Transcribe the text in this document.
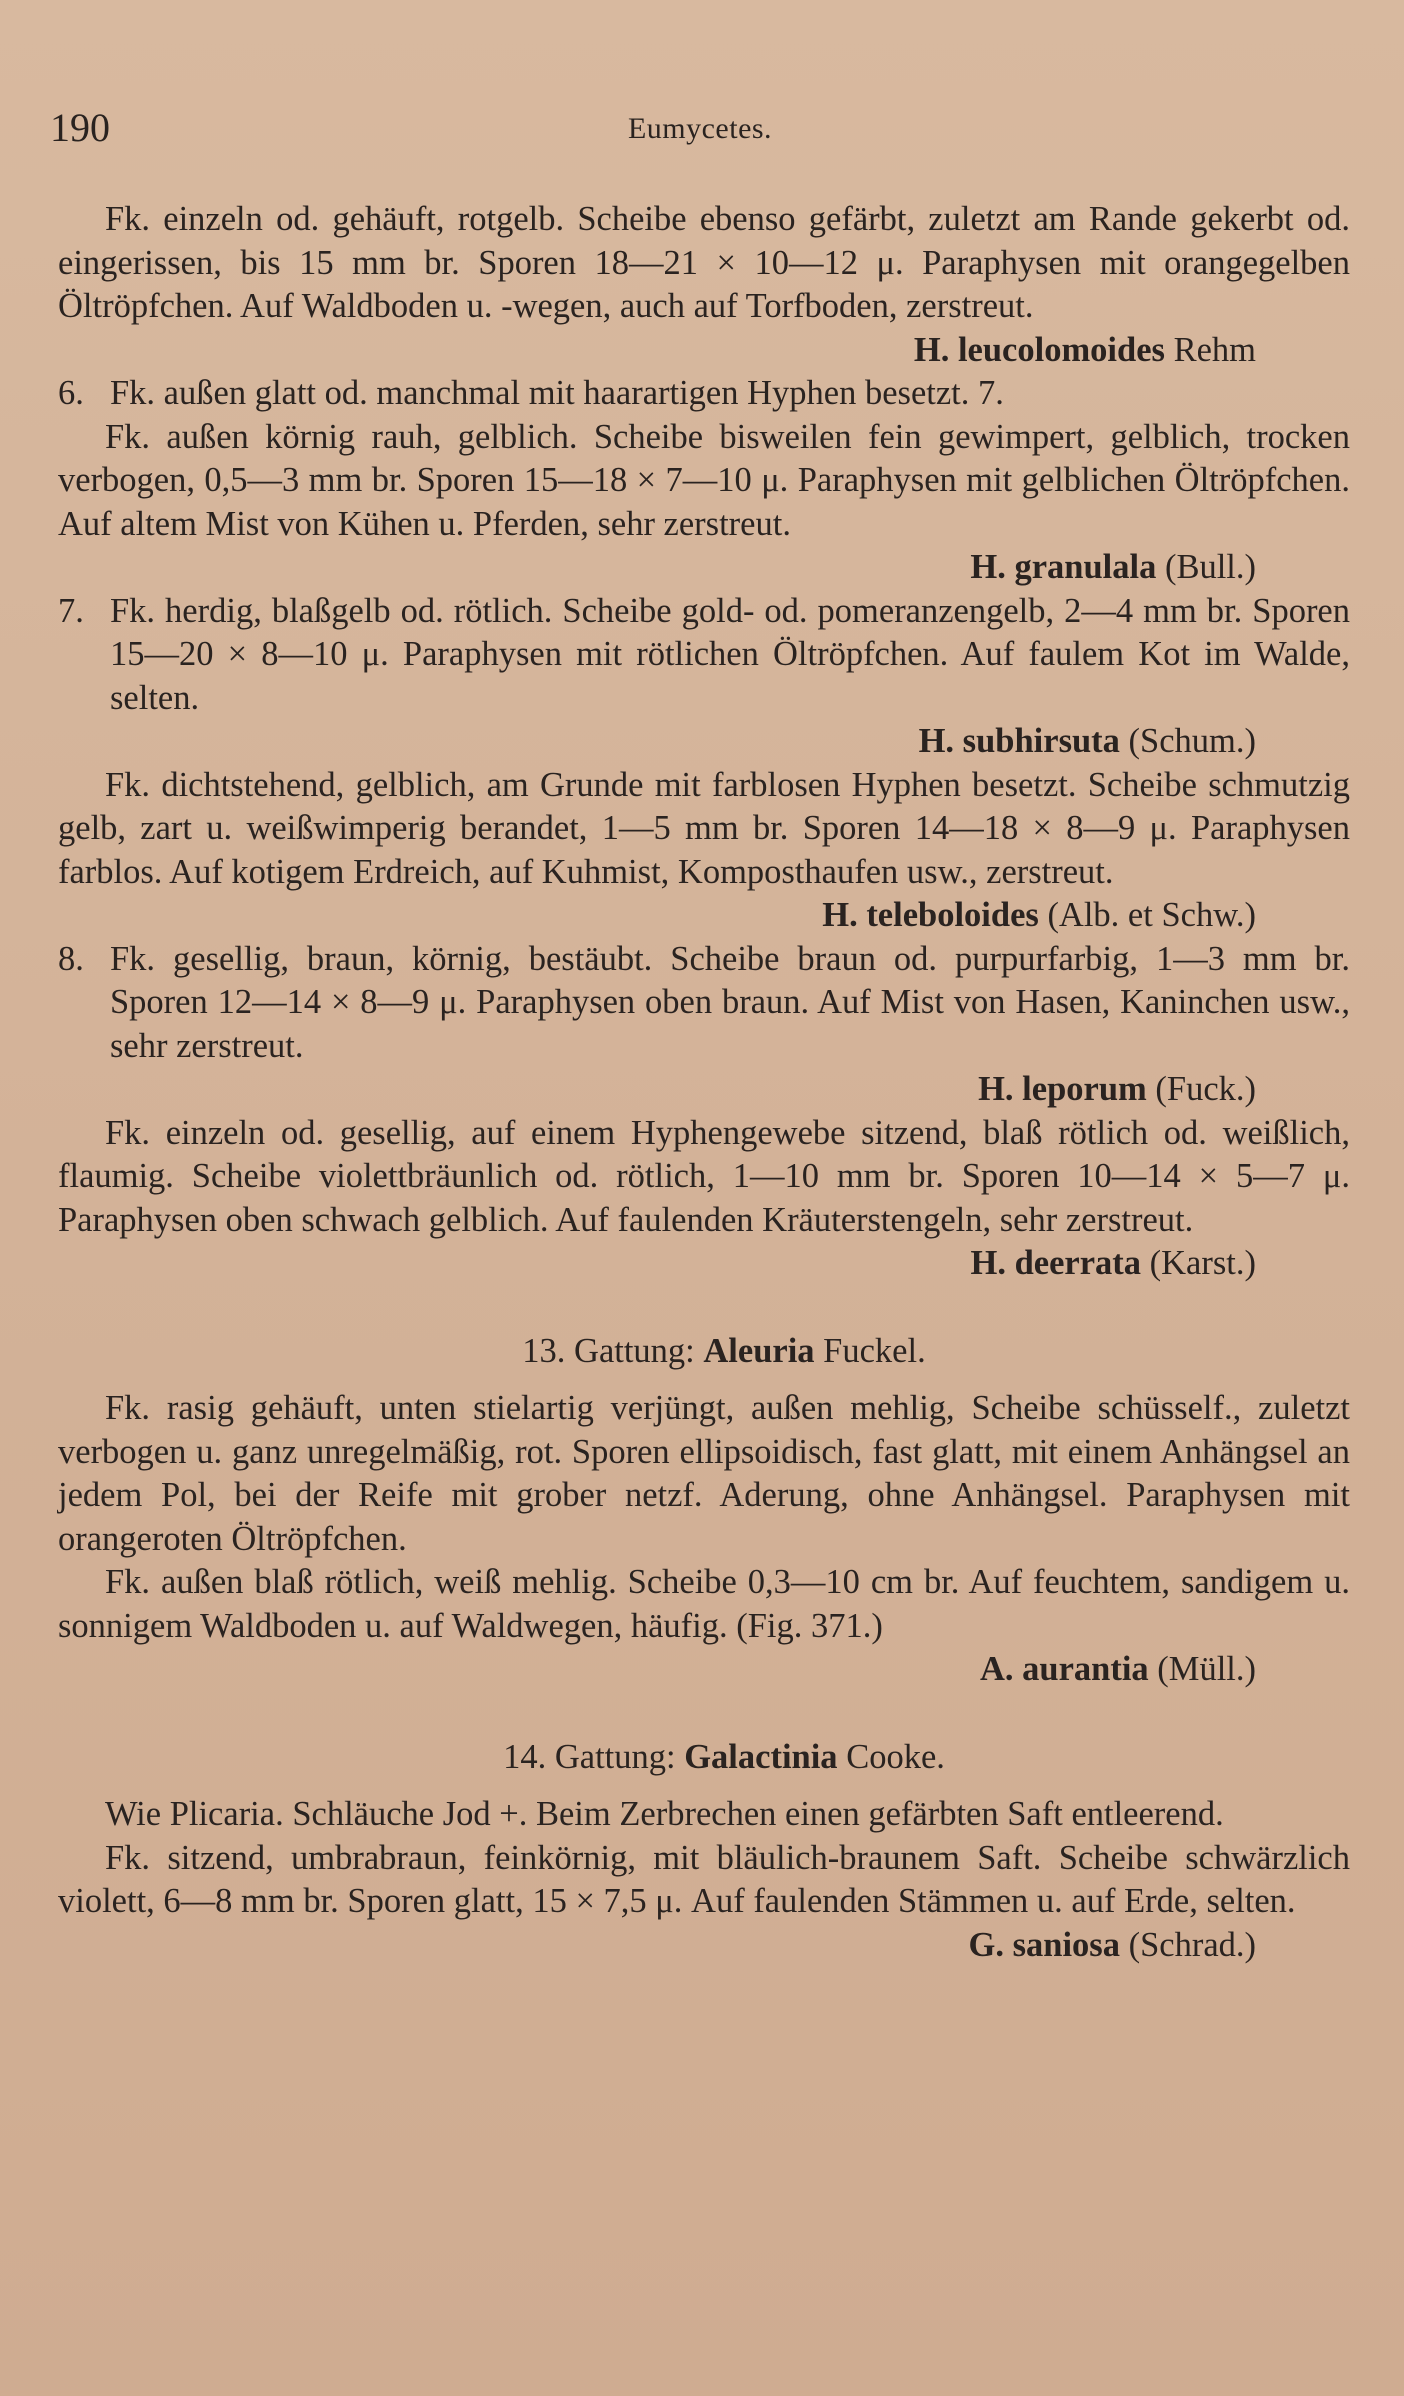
190	Eumycetes.

Fk. einzeln od. gehäuft, rotgelb. Scheibe ebenso gefärbt, zuletzt am Rande gekerbt od. eingerissen, bis 15 mm br. Sporen 18—21 × 10—12 μ. Paraphysen mit orangegelben Öltröpfchen. Auf Waldboden u. -wegen, auch auf Torfboden, zerstreut.

H. leucolomoides Rehm

6. Fk. außen glatt od. manchmal mit haarartigen Hyphen besetzt. 7.

Fk. außen körnig rauh, gelblich. Scheibe bisweilen fein gewimpert, gelblich, trocken verbogen, 0,5—3 mm br. Sporen 15—18 × 7—10 μ. Paraphysen mit gelblichen Öltröpfchen. Auf altem Mist von Kühen u. Pferden, sehr zerstreut.

H. granulala (Bull.)

7. Fk. herdig, blaßgelb od. rötlich. Scheibe gold- od. pomeranzengelb, 2—4 mm br. Sporen 15—20 × 8—10 μ. Paraphysen mit rötlichen Öltröpfchen. Auf faulem Kot im Walde, selten.

H. subhirsuta (Schum.)

Fk. dichtstehend, gelblich, am Grunde mit farblosen Hyphen besetzt. Scheibe schmutzig gelb, zart u. weißwimperig berandet, 1—5 mm br. Sporen 14—18 × 8—9 μ. Paraphysen farblos. Auf kotigem Erdreich, auf Kuhmist, Komposthaufen usw., zerstreut.

H. teleboloides (Alb. et Schw.)

8. Fk. gesellig, braun, körnig, bestäubt. Scheibe braun od. purpurfarbig, 1—3 mm br. Sporen 12—14 × 8—9 μ. Paraphysen oben braun. Auf Mist von Hasen, Kaninchen usw., sehr zerstreut.

H. leporum (Fuck.)

Fk. einzeln od. gesellig, auf einem Hyphengewebe sitzend, blaß rötlich od. weißlich, flaumig. Scheibe violettbräunlich od. rötlich, 1—10 mm br. Sporen 10—14 × 5—7 μ. Paraphysen oben schwach gelblich. Auf faulenden Kräuterstengeln, sehr zerstreut.

H. deerrata (Karst.)

13. Gattung: Aleuria Fuckel.

Fk. rasig gehäuft, unten stielartig verjüngt, außen mehlig, Scheibe schüsself., zuletzt verbogen u. ganz unregelmäßig, rot. Sporen ellipsoidisch, fast glatt, mit einem Anhängsel an jedem Pol, bei der Reife mit grober netzf. Aderung, ohne Anhängsel. Paraphysen mit orangeroten Öltröpfchen.

Fk. außen blaß rötlich, weiß mehlig. Scheibe 0,3—10 cm br. Auf feuchtem, sandigem u. sonnigem Waldboden u. auf Waldwegen, häufig. (Fig. 371.)

A. aurantia (Müll.)

14. Gattung: Galactinia Cooke.

Wie Plicaria. Schläuche Jod +. Beim Zerbrechen einen gefärbten Saft entleerend.

Fk. sitzend, umbrabraun, feinkörnig, mit bläulich-braunem Saft. Scheibe schwärzlich violett, 6—8 mm br. Sporen glatt, 15 × 7,5 μ. Auf faulenden Stämmen u. auf Erde, selten.

G. saniosa (Schrad.)
